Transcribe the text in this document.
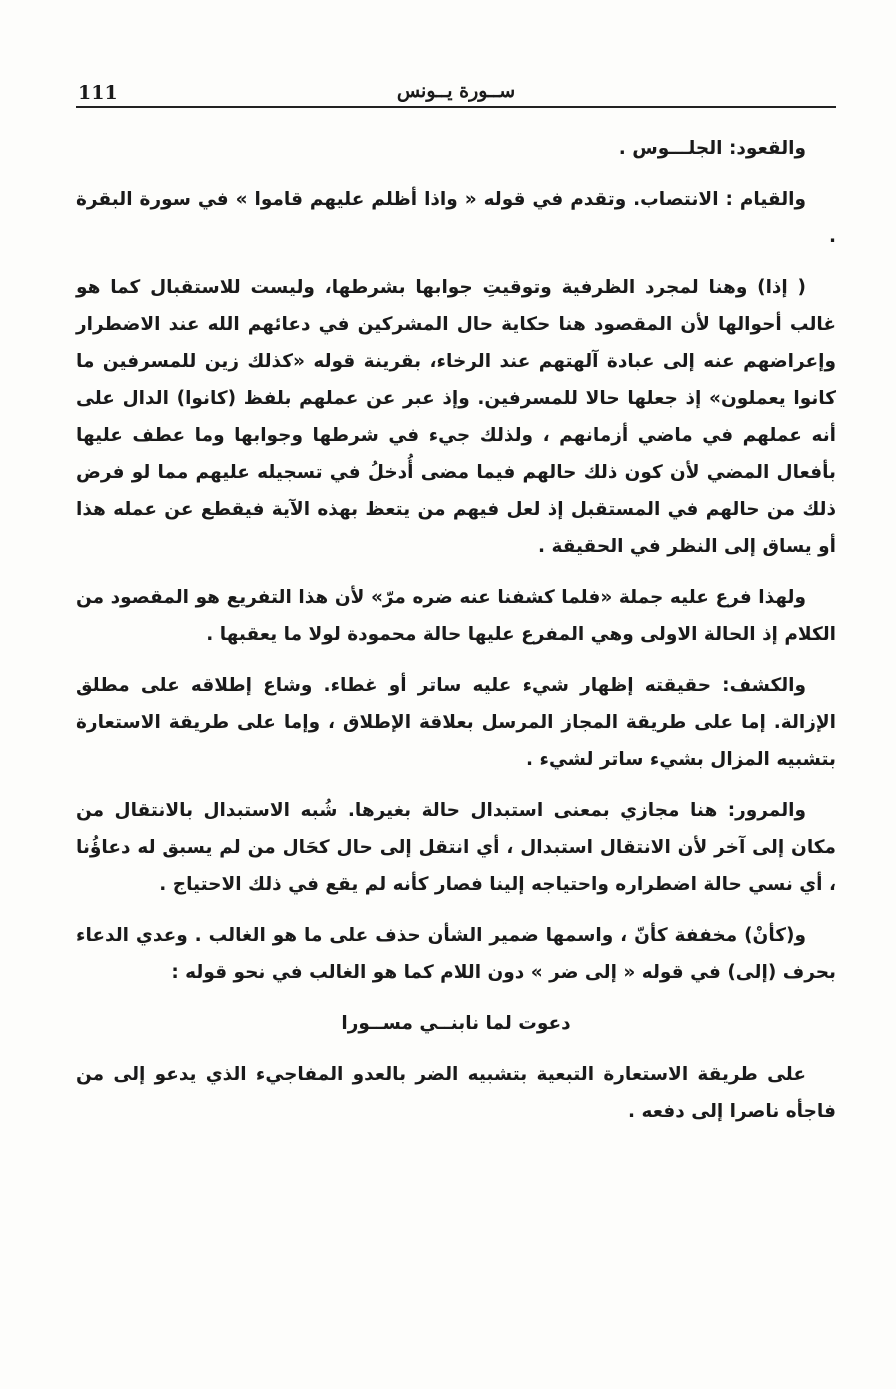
111	ســورة يــونس

والقعود: الجلـــوس .

والقيام : الانتصاب. وتقدم في قوله « واذا أظلم عليهم قاموا » في سورة البقرة .

( إذا) وهنا لمجرد الظرفية وتوقيتِ جوابها بشرطها، وليست للاستقبال كما هو غالب أحوالها لأن المقصود هنا حكاية حال المشركين في دعائهم الله عند الاضطرار وإعراضهم عنه إلى عبادة آلهتهم عند الرخاء، بقرينة قوله «كذلك زين للمسرفين ما كانوا يعملون» إذ جعلها حالا للمسرفين. وإذ عبر عن عملهم بلفظ (كانوا) الدال على أنه عملهم في ماضي أزمانهم ، ولذلك جيء في شرطها وجوابها وما عطف عليها بأفعال المضي لأن كون ذلك حالهم فيما مضى أُدخلُ في تسجيله عليهم مما لو فرض ذلك من حالهم في المستقبل إذ لعل فيهم من يتعظ بهذه الآية فيقطع عن عمله هذا أو يساق إلى النظر في الحقيقة .

ولهذا فرع عليه جملة «فلما كشفنا عنه ضره مرّ» لأن هذا التفريع هو المقصود من الكلام إذ الحالة الاولى وهي المفرع عليها حالة محمودة لولا ما يعقبها .

والكشف: حقيقته إظهار شيء عليه ساتر أو غطاء. وشاع إطلاقه على مطلق الإزالة. إما على طريقة المجاز المرسل بعلاقة الإطلاق ، وإما على طريقة الاستعارة بتشبيه المزال بشيء ساتر لشيء .

والمرور: هنا مجازي بمعنى استبدال حالة بغيرها. شُبه الاستبدال بالانتقال من مكان إلى آخر لأن الانتقال استبدال ، أي انتقل إلى حال كحَال من لم يسبق له دعاؤُنا ، أي نسي حالة اضطراره واحتياجه إلينا فصار كأنه لم يقع في ذلك الاحتياج .

و(كأنْ) مخففة كأنّ ، واسمها ضمير الشأن حذف على ما هو الغالب . وعدي الدعاء بحرف (إلى) في قوله « إلى ضر » دون اللام كما هو الغالب في نحو قوله :

دعوت لما نابنــي مســورا

على طريقة الاستعارة التبعية بتشبيه الضر بالعدو المفاجيء الذي يدعو إلى من فاجأه ناصرا إلى دفعه .
